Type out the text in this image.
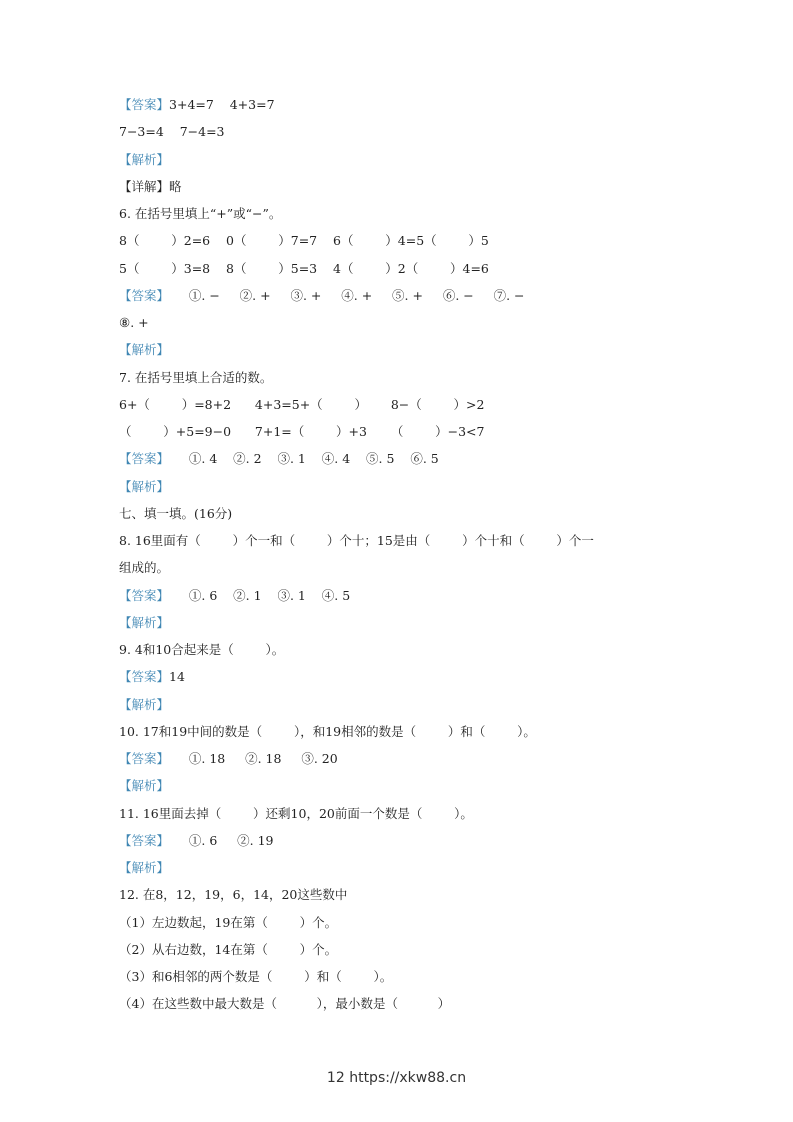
【答案】3+4=7    4+3=7
7−3=4    7−4=3
【解析】
【详解】略
6. 在括号里填上“+”或“−”。
8（        ）2=6    0（        ）7=7    6（        ）4=5（        ）5
5（        ）3=8    8（        ）5=3    4（        ）2（        ）4=6
【答案】     ①. −     ②. +     ③. +     ④. +     ⑤. +     ⑥. −     ⑦. −
⑧. +
【解析】
7. 在括号里填上合适的数。
6+（        ）=8+2      4+3=5+（        ）      8−（        ）>2
（        ）+5=9−0      7+1=（        ）+3      （        ）−3<7
【答案】     ①. 4    ②. 2    ③. 1    ④. 4    ⑤. 5    ⑥. 5
【解析】
七、填一填。(16分)
8. 16里面有（        ）个一和（        ）个十；15是由（        ）个十和（        ）个一
组成的。
【答案】     ①. 6    ②. 1    ③. 1    ④. 5
【解析】
9. 4和10合起来是（        ）。
【答案】14
【解析】
10. 17和19中间的数是（        ），和19相邻的数是（        ）和（        ）。
【答案】     ①. 18     ②. 18     ③. 20
【解析】
11. 16里面去掉（        ）还剩10，20前面一个数是（        ）。
【答案】     ①. 6     ②. 19
【解析】
12. 在8，12，19，6，14，20这些数中
（1）左边数起，19在第（        ）个。
（2）从右边数，14在第（        ）个。
（3）和6相邻的两个数是（        ）和（        ）。
（4）在这些数中最大数是（          ），最小数是（          ）
12 https://xkw88.cn
